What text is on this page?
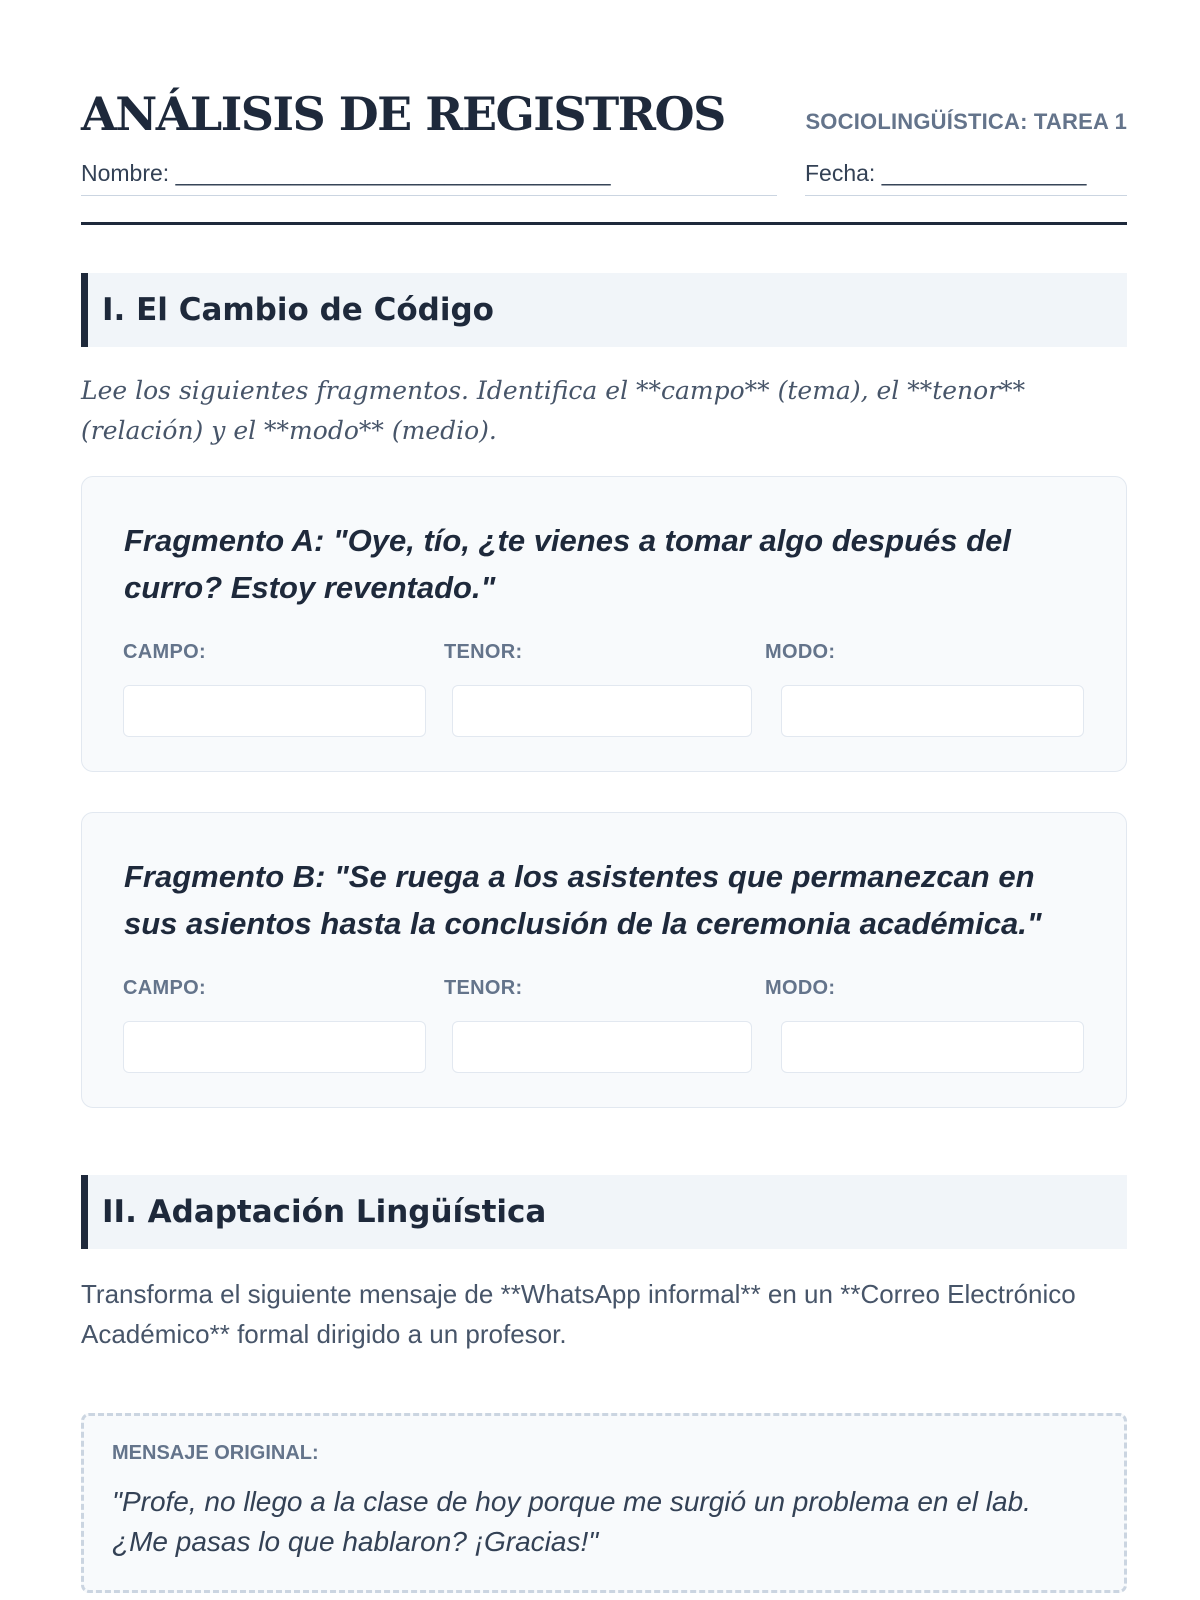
ANÁLISIS DE REGISTROS	SOCIOLINGÜÍSTICA: TAREA 1
Nombre: __________________________________	Fecha: ________________
I. El Cambio de Código

Lee los siguientes fragmentos. Identifica el **campo** (tema), el **tenor** (relación) y el **modo** (medio).

Fragmento A: "Oye, tío, ¿te vienes a tomar algo después del curro? Estoy reventado."

CAMPO:	TENOR:	MODO:

Fragmento B: "Se ruega a los asistentes que permanezcan en sus asientos hasta la conclusión de la ceremonia académica."

CAMPO:	TENOR:	MODO:
II. Adaptación Lingüística

Transforma el siguiente mensaje de **WhatsApp informal** en un **Correo Electrónico Académico** formal dirigido a un profesor.

MENSAJE ORIGINAL:

"Profe, no llego a la clase de hoy porque me surgió un problema en el lab. ¿Me pasas lo que hablaron? ¡Gracias!"
